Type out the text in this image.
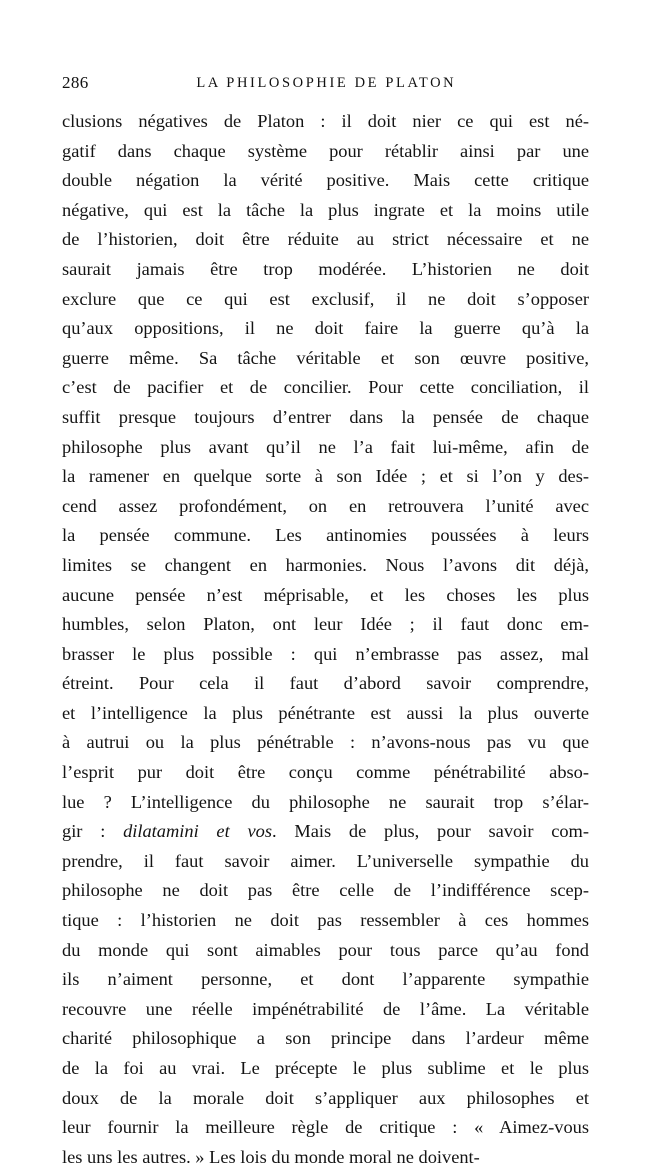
286	LA PHILOSOPHIE DE PLATON
clusions négatives de Platon : il doit nier ce qui est né-
gatif dans chaque système pour rétablir ainsi par une
double négation la vérité positive. Mais cette critique
négative, qui est la tâche la plus ingrate et la moins utile
de l’historien, doit être réduite au strict nécessaire et ne
saurait jamais être trop modérée. L’historien ne doit
exclure que ce qui est exclusif, il ne doit s’opposer
qu’aux oppositions, il ne doit faire la guerre qu’à la
guerre même. Sa tâche véritable et son œuvre positive,
c’est de pacifier et de concilier. Pour cette conciliation, il
suffit presque toujours d’entrer dans la pensée de chaque
philosophe plus avant qu’il ne l’a fait lui-même, afin de
la ramener en quelque sorte à son Idée ; et si l’on y des-
cend assez profondément, on en retrouvera l’unité avec
la pensée commune. Les antinomies poussées à leurs
limites se changent en harmonies. Nous l’avons dit déjà,
aucune pensée n’est méprisable, et les choses les plus
humbles, selon Platon, ont leur Idée ; il faut donc em-
brasser le plus possible : qui n’embrasse pas assez, mal
étreint. Pour cela il faut d’abord savoir comprendre,
et l’intelligence la plus pénétrante est aussi la plus ouverte
à autrui ou la plus pénétrable : n’avons-nous pas vu que
l’esprit pur doit être conçu comme pénétrabilité abso-
lue ? L’intelligence du philosophe ne saurait trop s’élar-
gir : dilatamini et vos. Mais de plus, pour savoir com-
prendre, il faut savoir aimer. L’universelle sympathie du
philosophe ne doit pas être celle de l’indifférence scep-
tique : l’historien ne doit pas ressembler à ces hommes
du monde qui sont aimables pour tous parce qu’au fond
ils n’aiment personne, et dont l’apparente sympathie
recouvre une réelle impénétrabilité de l’âme. La véritable
charité philosophique a son principe dans l’ardeur même
de la foi au vrai. Le précepte le plus sublime et le plus
doux de la morale doit s’appliquer aux philosophes et
leur fournir la meilleure règle de critique : « Aimez-vous
les uns les autres. » Les lois du monde moral ne doivent-
